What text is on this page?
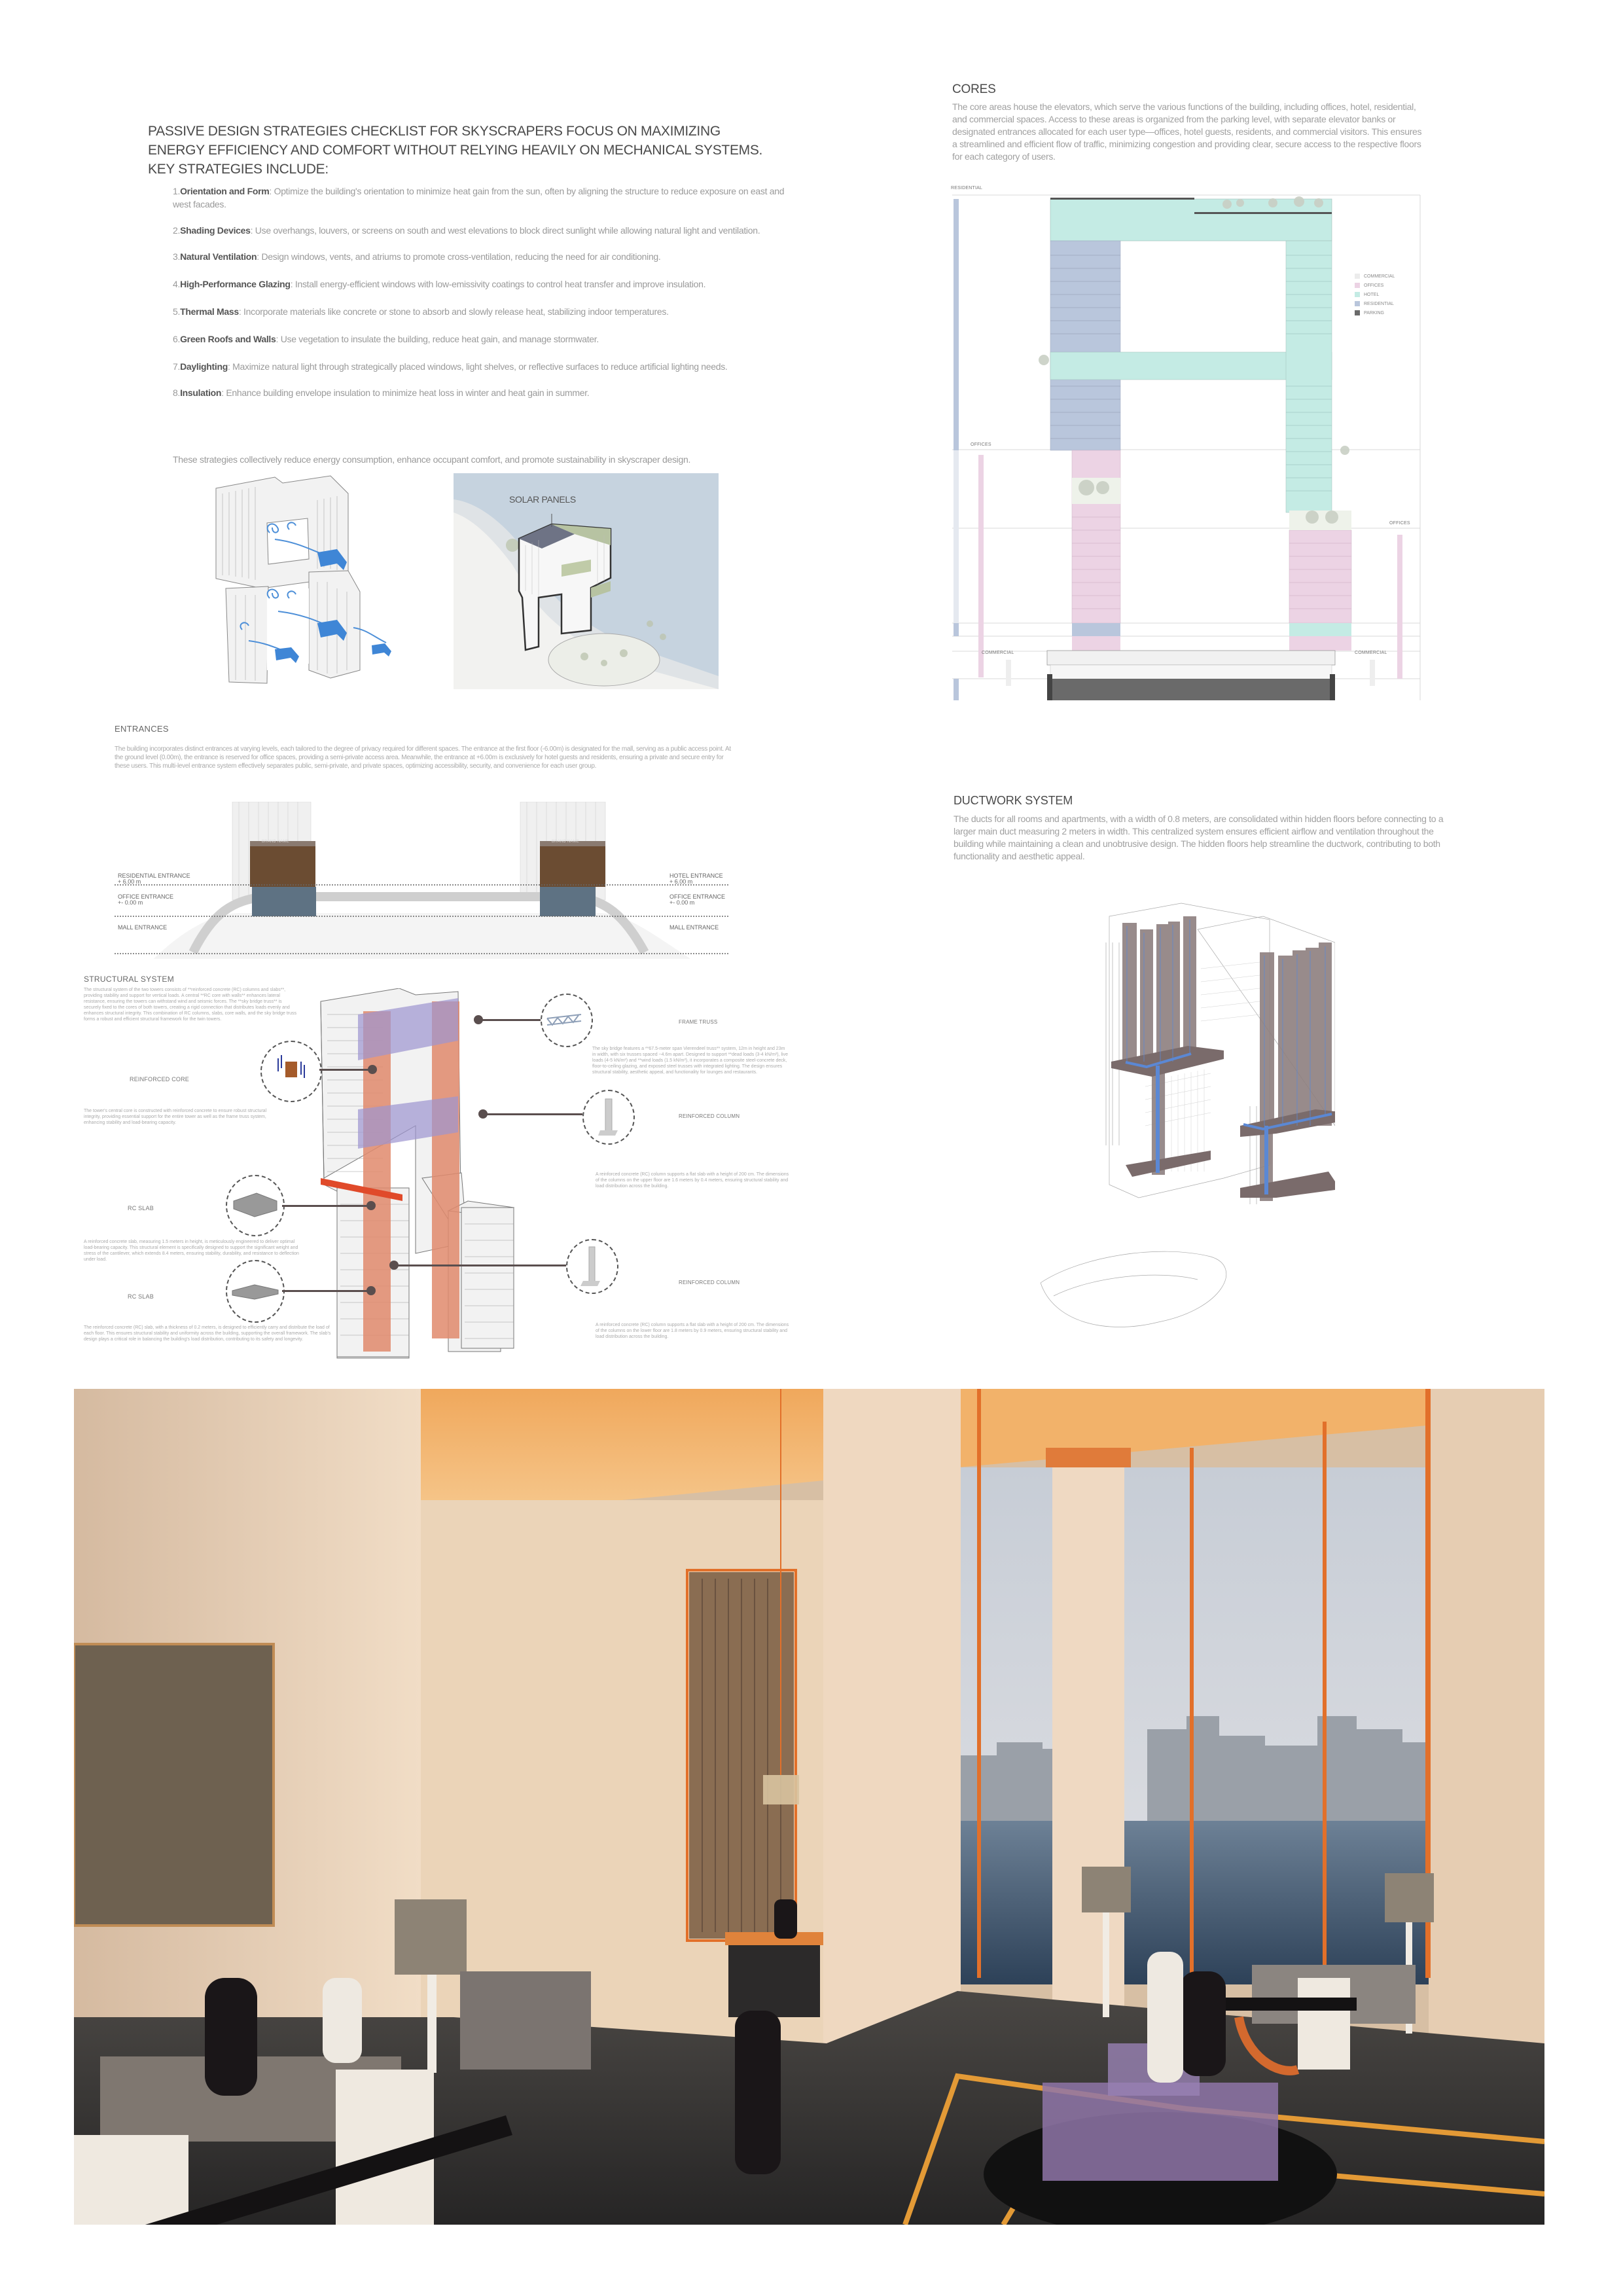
PASSIVE DESIGN STRATEGIES CHECKLIST FOR SKYSCRAPERS FOCUS ON MAXIMIZING ENERGY EFFICIENCY AND COMFORT WITHOUT RELYING HEAVILY ON MECHANICAL SYSTEMS. KEY STRATEGIES INCLUDE:
1.Orientation and Form: Optimize the building's orientation to minimize heat gain from the sun, often by aligning the structure to reduce exposure on east and west facades.
2.Shading Devices: Use overhangs, louvers, or screens on south and west elevations to block direct sunlight while allowing natural light and ventilation.
3.Natural Ventilation: Design windows, vents, and atriums to promote cross-ventilation, reducing the need for air conditioning.
4.High-Performance Glazing: Install energy-efficient windows with low-emissivity coatings to control heat transfer and improve insulation.
5.Thermal Mass: Incorporate materials like concrete or stone to absorb and slowly release heat, stabilizing indoor temperatures.
6.Green Roofs and Walls: Use vegetation to insulate the building, reduce heat gain, and manage stormwater.
7.Daylighting: Maximize natural light through strategically placed windows, light shelves, or reflective surfaces to reduce artificial lighting needs.
8.Insulation: Enhance building envelope insulation to minimize heat loss in winter and heat gain in summer.
These strategies collectively reduce energy consumption, enhance occupant comfort, and promote sustainability in skyscraper design.
SOLAR PANELS
CORES
The core areas house the elevators, which serve the various functions of the building, including offices, hotel, residential, and commercial spaces. Access to these areas is organized from the parking level, with separate elevator banks or designated entrances allocated for each user type—offices, hotel guests, residents, and commercial visitors. This ensures a streamlined and efficient flow of traffic, minimizing congestion and providing clear, secure access to the respective floors for each category of users.
RESIDENTIAL
OFFICES
OFFICES
COMMERCIAL	COMMERCIAL
COMMERCIAL
OFFICES
HOTEL
RESIDENTIAL
PARKING
ENTRANCES
The building incorporates distinct entrances at varying levels, each tailored to the degree of privacy required for different spaces. The entrance at the first floor (-6.00m) is designated for the mall, serving as a public access point. At the ground level (0.00m), the entrance is reserved for office spaces, providing a semi-private access area. Meanwhile, the entrance at +6.00m is exclusively for hotel guests and residents, ensuring a private and secure entry for these users. This multi-level entrance system effectively separates public, semi-private, and private spaces, optimizing accessibility, security, and convenience for each user group.
BRAND NAME	BRAND NAME
RESIDENTIAL ENTRANCE
+ 6.00 m
OFFICE ENTRANCE
+- 0.00 m
MALL ENTRANCE
HOTEL ENTRANCE
+ 6.00 m
OFFICE ENTRANCE
+- 0.00 m
MALL ENTRANCE
DUCTWORK SYSTEM
The ducts for all rooms and apartments, with a width of 0.8 meters, are consolidated within hidden floors before connecting to a larger main duct measuring 2 meters in width. This centralized system ensures efficient airflow and ventilation throughout the building while maintaining a clean and unobtrusive design. The hidden floors help streamline the ductwork, contributing to both functionality and aesthetic appeal.
STRUCTURAL SYSTEM
The structural system of the two towers consists of **reinforced concrete (RC) columns and slabs**, providing stability and support for vertical loads. A central **RC core with walls** enhances lateral resistance, ensuring the towers can withstand wind and seismic forces. The **sky bridge truss** is securely fixed to the cores of both towers, creating a rigid connection that distributes loads evenly and enhances structural integrity. This combination of RC columns, slabs, core walls, and the sky bridge truss forms a robust and efficient structural framework for the twin towers.
REINFORCED CORE
The tower's central core is constructed with reinforced concrete to ensure robust structural integrity, providing essential support for the entire tower as well as the frame truss system, enhancing stability and load-bearing capacity.
RC SLAB
A reinforced concrete slab, measuring 1.5 meters in height, is meticulously engineered to deliver optimal load-bearing capacity. This structural element is specifically designed to support the significant weight and stress of the cantilever, which extends 8.4 meters, ensuring stability, durability, and resistance to deflection under load.
RC SLAB
The reinforced concrete (RC) slab, with a thickness of 0.2 meters, is designed to efficiently carry and distribute the load of each floor. This ensures structural stability and uniformity across the building, supporting the overall framework. The slab's design plays a critical role in balancing the building's load distribution, contributing to its safety and longevity.
FRAME TRUSS
The sky bridge features a **67.5-meter span Vierendeel truss** system, 12m in height and 23m in width, with six trusses spaced ~4.6m apart. Designed to support **dead loads (3-4 kN/m²), live loads (4-5 kN/m²) and **wind loads (1.5 kN/m²), it incorporates a composite steel-concrete deck, floor-to-ceiling glazing, and exposed steel trusses with integrated lighting. The design ensures structural stability, aesthetic appeal, and functionality for lounges and restaurants.
REINFORCED COLUMN
A reinforced concrete (RC) column supports a flat slab with a height of 200 cm. The dimensions of the columns on the upper floor are 1.6 meters by 0.4 meters, ensuring structural stability and load distribution across the building.
REINFORCED COLUMN
A reinforced concrete (RC) column supports a flat slab with a height of 200 cm. The dimensions of the columns on the lower floor are 1.8 meters by 0.9 meters, ensuring structural stability and load distribution across the building.
